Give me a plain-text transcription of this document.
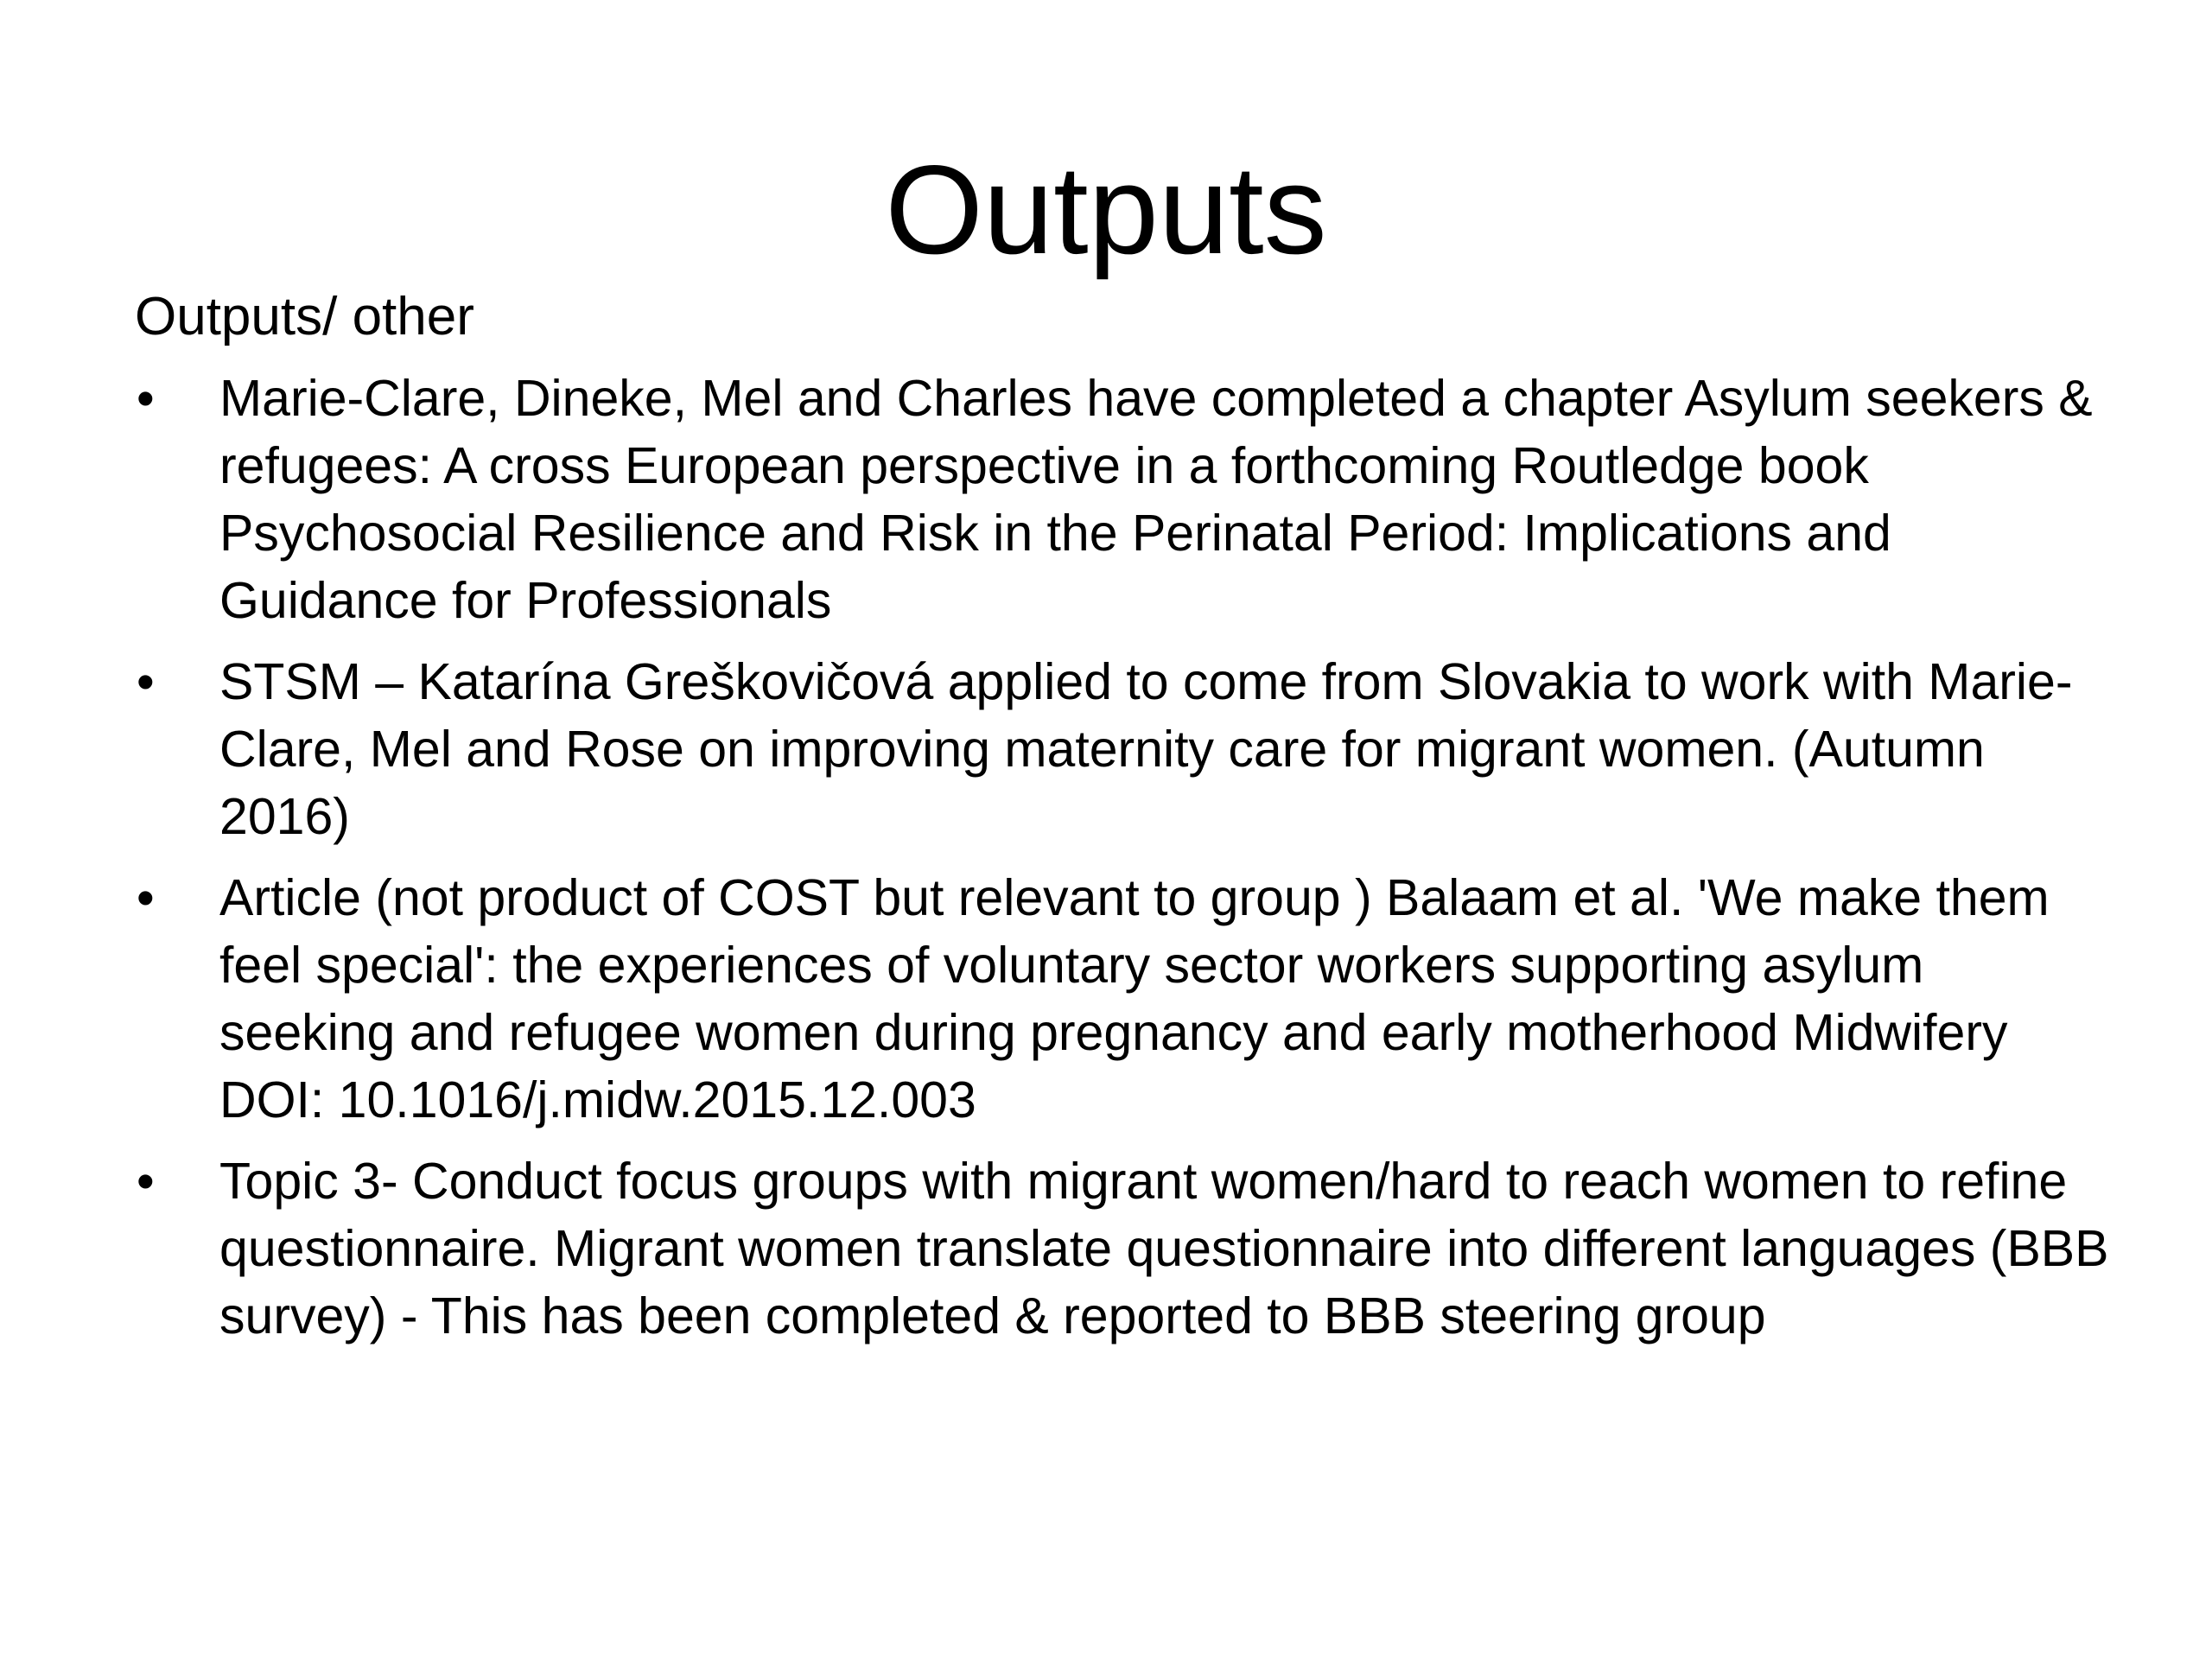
Outputs

Outputs/ other

•	Marie-Clare, Dineke, Mel and Charles have completed a chapter Asylum seekers & refugees: A cross European perspective in a forthcoming Routledge book Psychosocial Resilience and Risk in the Perinatal Period: Implications and Guidance for Professionals
•	STSM – Katarína Greškovičová applied to come from Slovakia to work with Marie-Clare, Mel and Rose on improving maternity care for migrant women. (Autumn 2016)
•	Article (not product of COST but relevant to group ) Balaam et al. 'We make them feel special': the experiences of voluntary sector workers supporting asylum seeking and refugee women during pregnancy and early motherhood Midwifery DOI: 10.1016/j.midw.2015.12.003
•	Topic 3- Conduct focus groups with migrant women/hard to reach women to refine questionnaire. Migrant women translate questionnaire into different languages (BBB survey) - This has been completed & reported to BBB steering group
